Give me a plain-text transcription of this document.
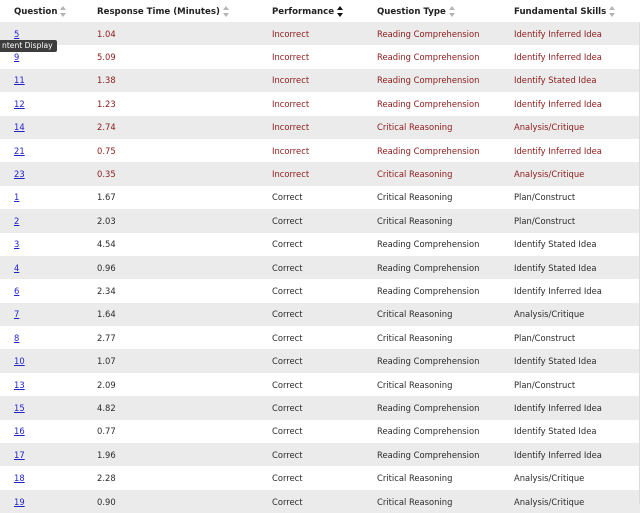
Question	Response Time (Minutes)	Performance	Question Type	Fundamental Skills

5	1.04	Incorrect	Reading Comprehension	Identify Inferred Idea
9	5.09	Incorrect	Reading Comprehension	Identify Inferred Idea
11	1.38	Incorrect	Reading Comprehension	Identify Stated Idea
12	1.23	Incorrect	Reading Comprehension	Identify Inferred Idea
14	2.74	Incorrect	Critical Reasoning	Analysis/Critique
21	0.75	Incorrect	Reading Comprehension	Identify Inferred Idea
23	0.35	Incorrect	Critical Reasoning	Analysis/Critique
1	1.67	Correct	Critical Reasoning	Plan/Construct
2	2.03	Correct	Critical Reasoning	Plan/Construct
3	4.54	Correct	Reading Comprehension	Identify Stated Idea
4	0.96	Correct	Reading Comprehension	Identify Stated Idea
6	2.34	Correct	Reading Comprehension	Identify Inferred Idea
7	1.64	Correct	Critical Reasoning	Analysis/Critique
8	2.77	Correct	Critical Reasoning	Plan/Construct
10	1.07	Correct	Reading Comprehension	Identify Stated Idea
13	2.09	Correct	Critical Reasoning	Plan/Construct
15	4.82	Correct	Reading Comprehension	Identify Inferred Idea
16	0.77	Correct	Reading Comprehension	Identify Stated Idea
17	1.96	Correct	Reading Comprehension	Identify Inferred Idea
18	2.28	Correct	Critical Reasoning	Analysis/Critique
19	0.90	Correct	Critical Reasoning	Analysis/Critique
ntent Display
